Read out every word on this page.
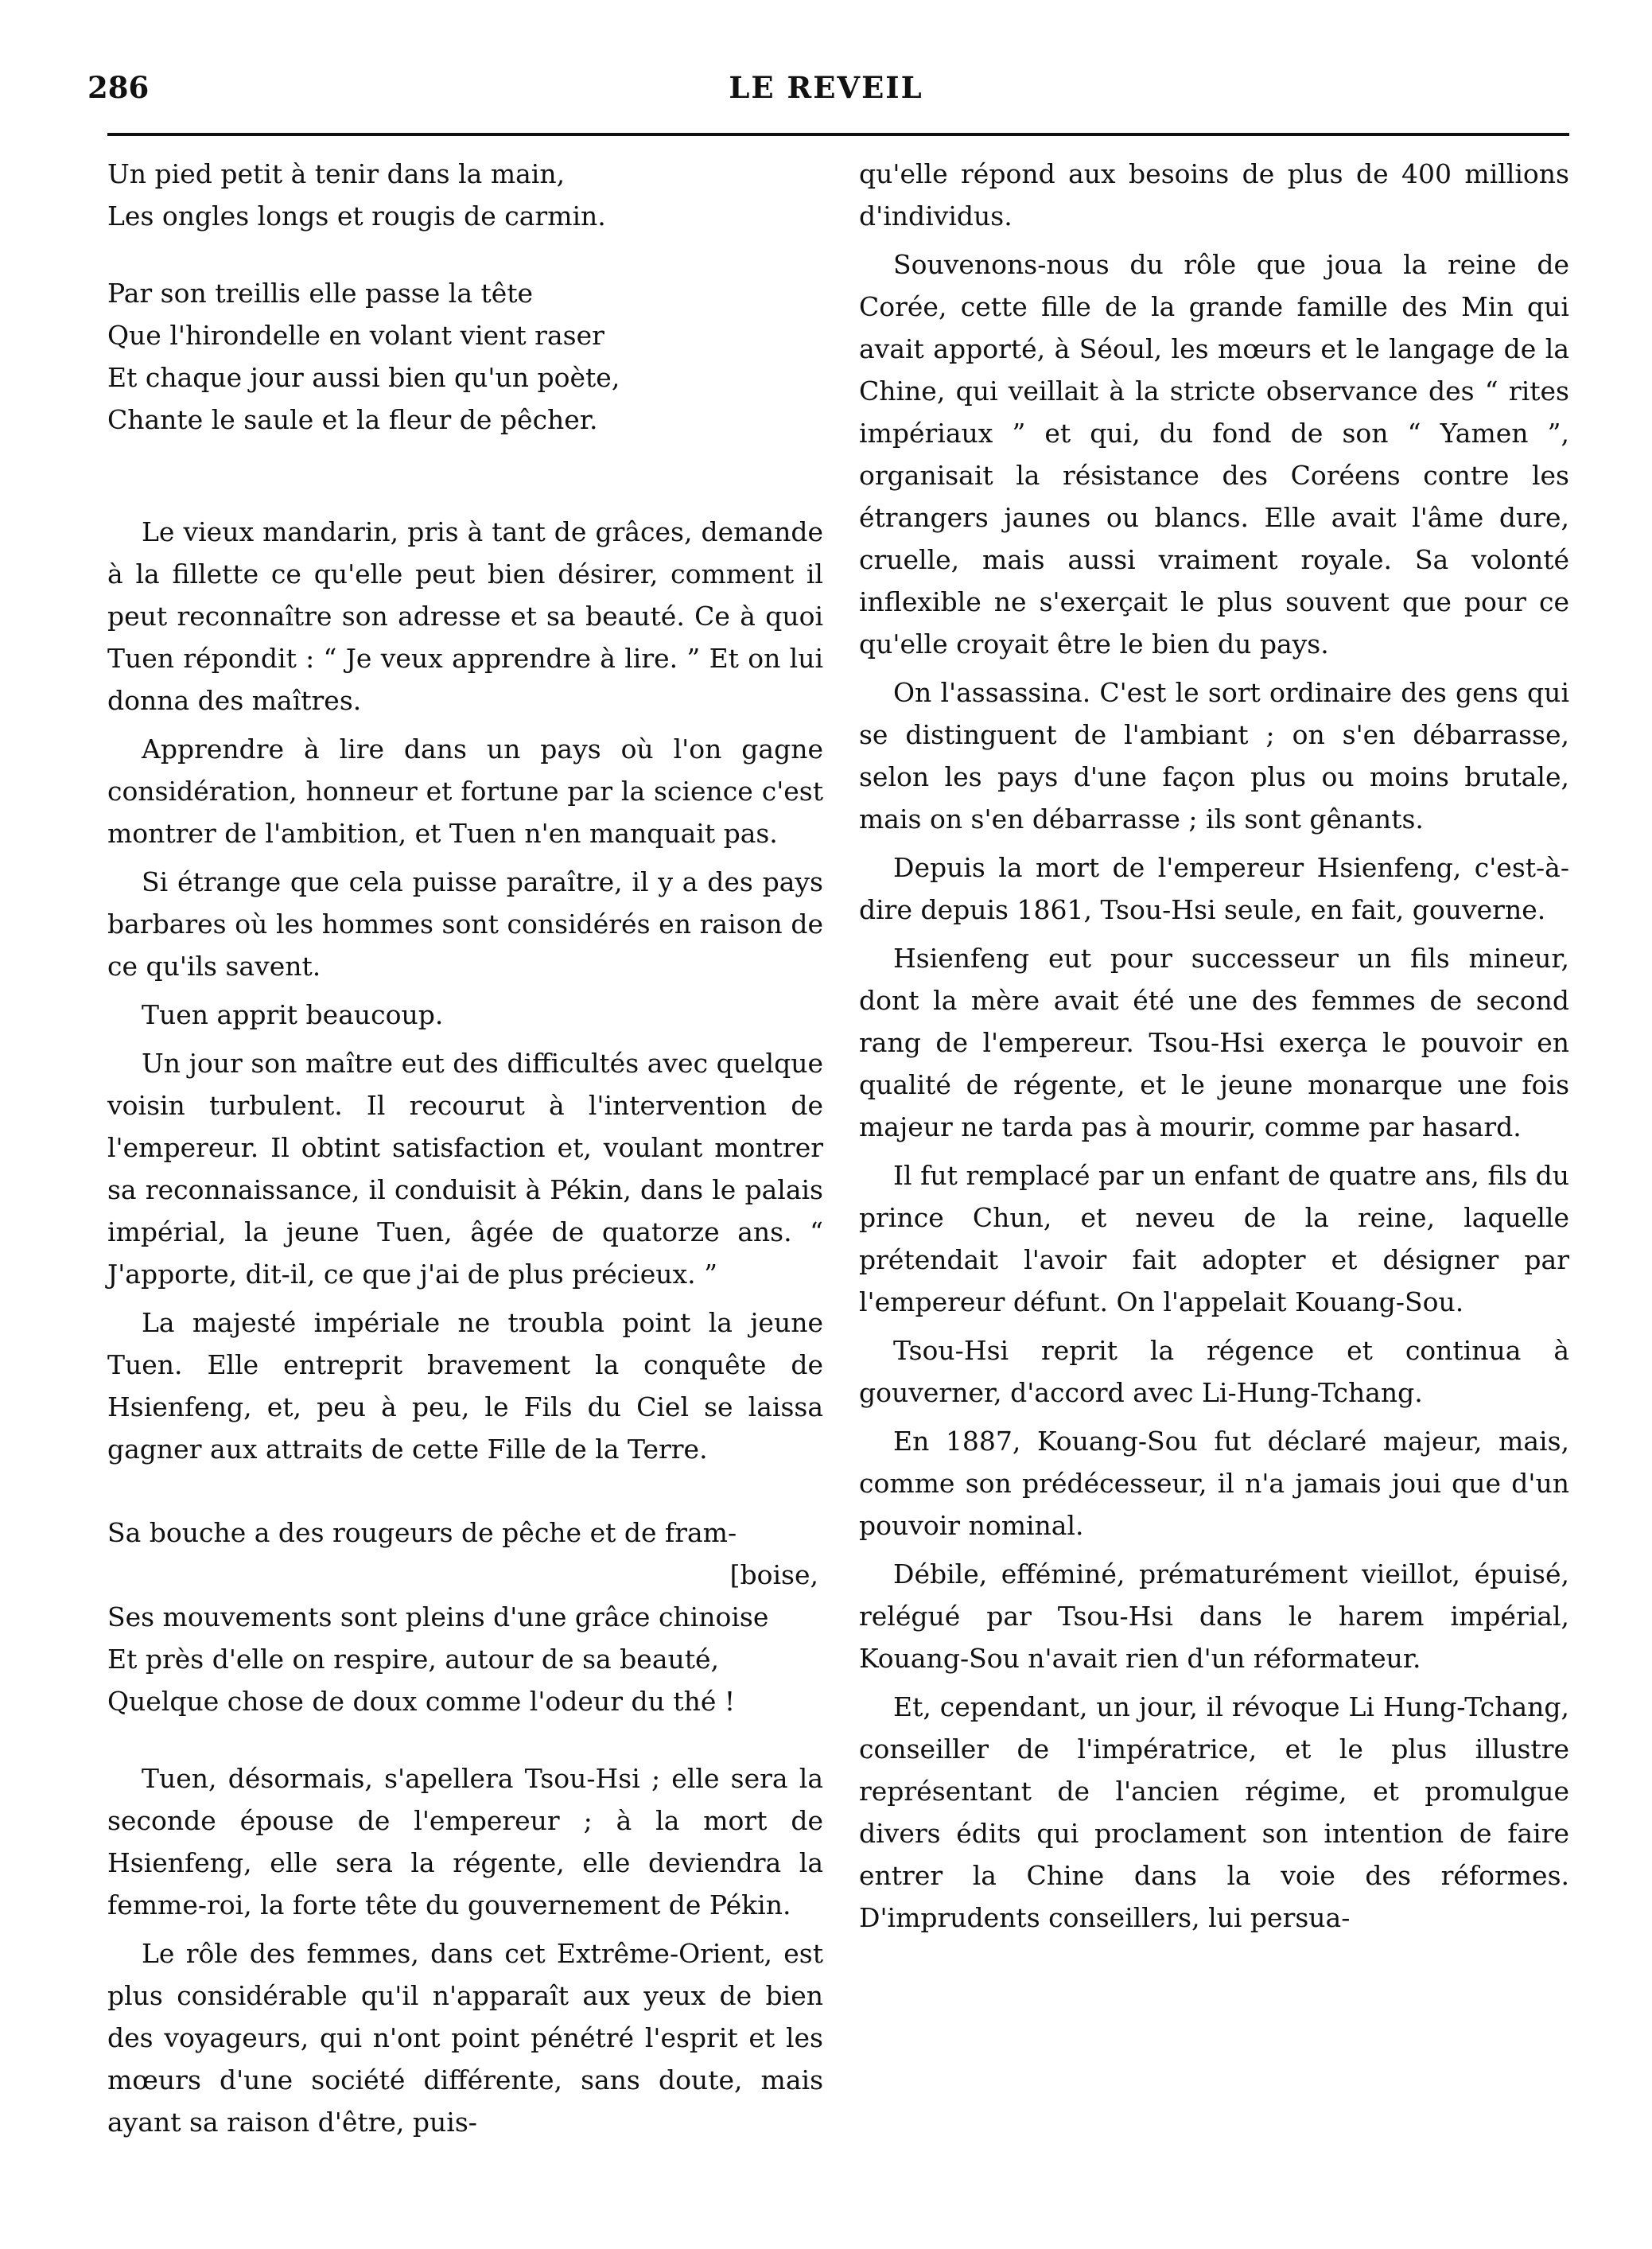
286	LE REVEIL
Un pied petit à tenir dans la main,
Les ongles longs et rougis de carmin.
Par son treillis elle passe la tête
Que l'hirondelle en volant vient raser
Et chaque jour aussi bien qu'un poète,
Chante le saule et la fleur de pêcher.

Le vieux mandarin, pris à tant de grâces, demande à la fillette ce qu'elle peut bien désirer, comment il peut reconnaître son adresse et sa beauté. Ce à quoi Tuen répondit : “ Je veux apprendre à lire. ” Et on lui donna des maîtres.

Apprendre à lire dans un pays où l'on gagne considération, honneur et fortune par la science c'est montrer de l'ambition, et Tuen n'en manquait pas.

Si étrange que cela puisse paraître, il y a des pays barbares où les hommes sont considérés en raison de ce qu'ils savent.

Tuen apprit beaucoup.

Un jour son maître eut des difficultés avec quelque voisin turbulent. Il recourut à l'intervention de l'empereur. Il obtint satisfaction et, voulant montrer sa reconnaissance, il conduisit à Pékin, dans le palais impérial, la jeune Tuen, âgée de quatorze ans. “ J'apporte, dit-il, ce que j'ai de plus précieux. ”

La majesté impériale ne troubla point la jeune Tuen. Elle entreprit bravement la conquête de Hsienfeng, et, peu à peu, le Fils du Ciel se laissa gagner aux attraits de cette Fille de la Terre.

Sa bouche a des rougeurs de pêche et de fram-
[boise,
Ses mouvements sont pleins d'une grâce chinoise
Et près d'elle on respire, autour de sa beauté,
Quelque chose de doux comme l'odeur du thé !

Tuen, désormais, s'apellera Tsou-Hsi ; elle sera la seconde épouse de l'empereur ; à la mort de Hsienfeng, elle sera la régente, elle deviendra la femme-roi, la forte tête du gouvernement de Pékin.

Le rôle des femmes, dans cet Extrême-Orient, est plus considérable qu'il n'apparaît aux yeux de bien des voyageurs, qui n'ont point pénétré l'esprit et les mœurs d'une société différente, sans doute, mais ayant sa raison d'être, puis-

qu'elle répond aux besoins de plus de 400 millions d'individus.

Souvenons-nous du rôle que joua la reine de Corée, cette fille de la grande famille des Min qui avait apporté, à Séoul, les mœurs et le langage de la Chine, qui veillait à la stricte observance des “ rites impériaux ” et qui, du fond de son “ Yamen ”, organisait la résistance des Coréens contre les étrangers jaunes ou blancs. Elle avait l'âme dure, cruelle, mais aussi vraiment royale. Sa volonté inflexible ne s'exerçait le plus souvent que pour ce qu'elle croyait être le bien du pays.

On l'assassina. C'est le sort ordinaire des gens qui se distinguent de l'ambiant ; on s'en débarrasse, selon les pays d'une façon plus ou moins brutale, mais on s'en débarrasse ; ils sont gênants.

Depuis la mort de l'empereur Hsienfeng, c'est-à-dire depuis 1861, Tsou-Hsi seule, en fait, gouverne.

Hsienfeng eut pour successeur un fils mineur, dont la mère avait été une des femmes de second rang de l'empereur. Tsou-Hsi exerça le pouvoir en qualité de régente, et le jeune monarque une fois majeur ne tarda pas à mourir, comme par hasard.

Il fut remplacé par un enfant de quatre ans, fils du prince Chun, et neveu de la reine, laquelle prétendait l'avoir fait adopter et désigner par l'empereur défunt. On l'appelait Kouang-Sou.

Tsou-Hsi reprit la régence et continua à gouverner, d'accord avec Li-Hung-Tchang.

En 1887, Kouang-Sou fut déclaré majeur, mais, comme son prédécesseur, il n'a jamais joui que d'un pouvoir nominal.

Débile, efféminé, prématurément vieillot, épuisé, relégué par Tsou-Hsi dans le harem impérial, Kouang-Sou n'avait rien d'un réformateur.

Et, cependant, un jour, il révoque Li Hung-Tchang, conseiller de l'impératrice, et le plus illustre représentant de l'ancien régime, et promulgue divers édits qui proclament son intention de faire entrer la Chine dans la voie des réformes. D'imprudents conseillers, lui persua-
